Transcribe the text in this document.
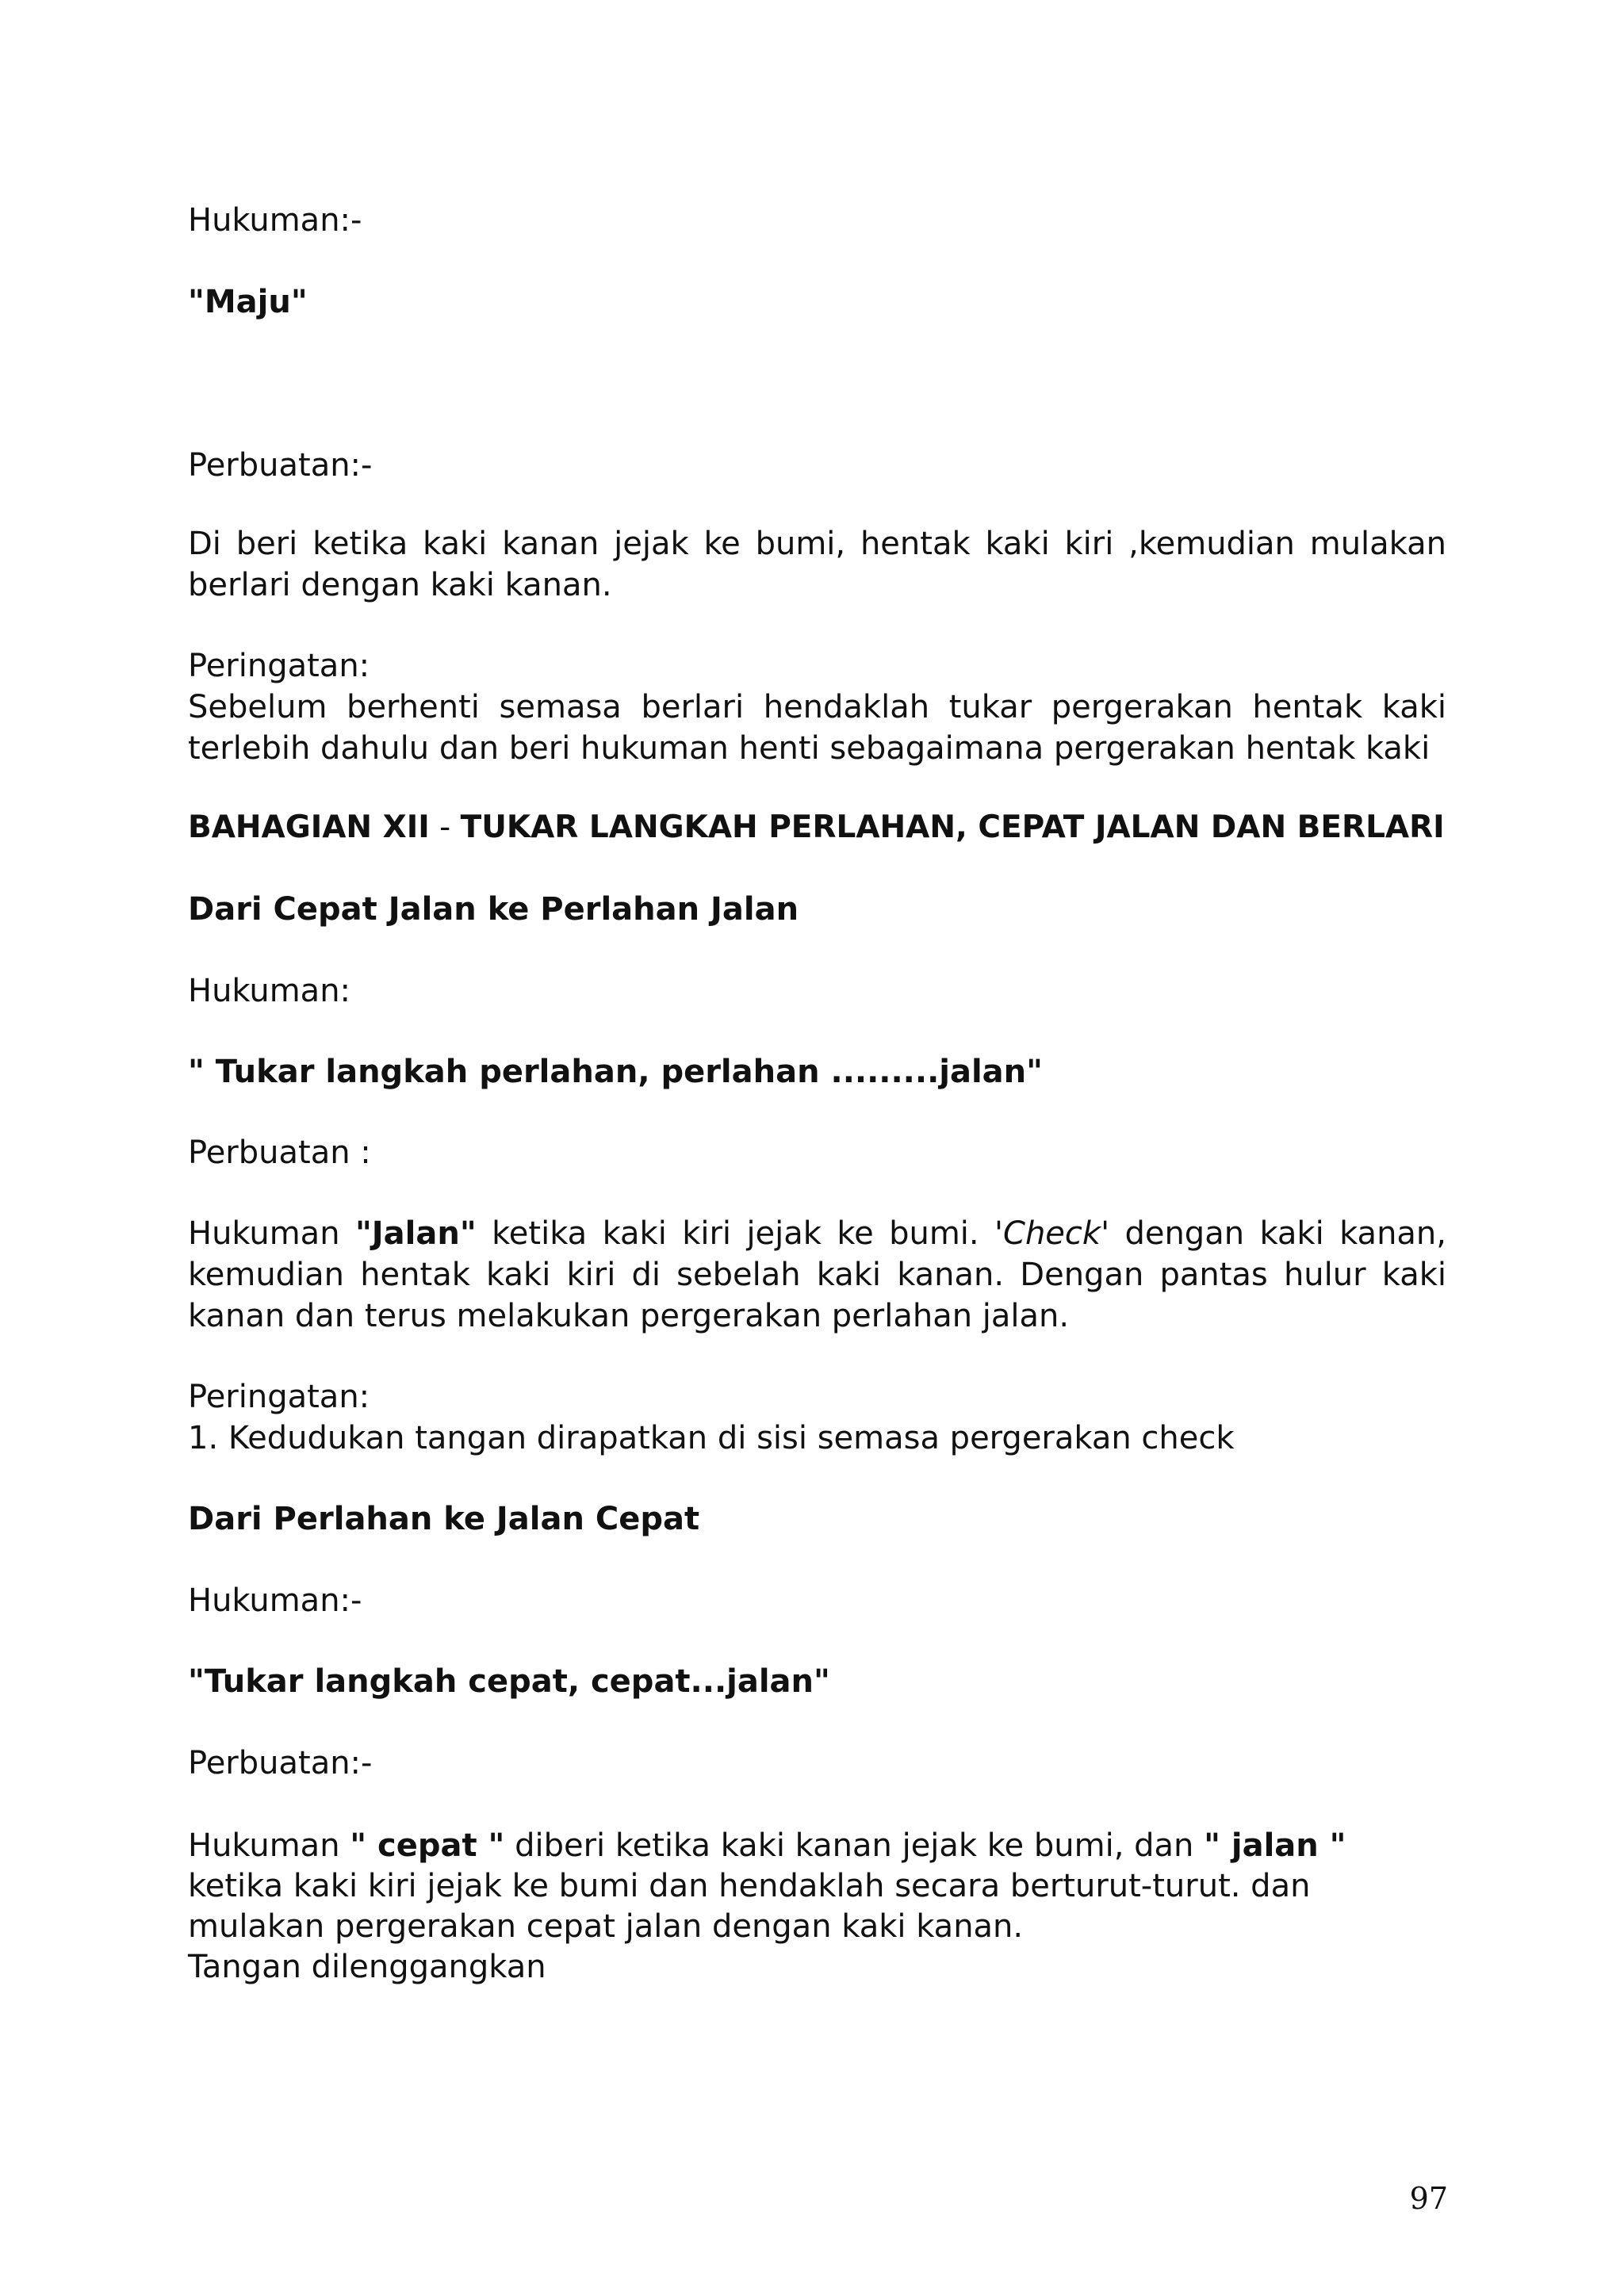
Hukuman:-

"Maju"

Perbuatan:-

Di beri ketika kaki kanan jejak ke bumi, hentak kaki kiri ,kemudian mulakan

berlari dengan kaki kanan.

Peringatan:

Sebelum berhenti semasa berlari hendaklah tukar pergerakan hentak kaki

terlebih dahulu dan beri hukuman henti sebagaimana pergerakan hentak kaki

BAHAGIAN XII - TUKAR LANGKAH PERLAHAN, CEPAT JALAN DAN BERLARI

Dari Cepat Jalan ke Perlahan Jalan

Hukuman:

" Tukar langkah perlahan, perlahan .........jalan"

Perbuatan :

Hukuman "Jalan" ketika kaki kiri jejak ke bumi. 'Check' dengan kaki kanan,

kemudian hentak kaki kiri di sebelah kaki kanan. Dengan pantas hulur kaki

kanan dan terus melakukan pergerakan perlahan jalan.

Peringatan:

1. Kedudukan tangan dirapatkan di sisi semasa pergerakan check

Dari Perlahan ke Jalan Cepat

Hukuman:-

"Tukar langkah cepat, cepat...jalan"

Perbuatan:-

Hukuman " cepat " diberi ketika kaki kanan jejak ke bumi, dan " jalan "

ketika kaki kiri jejak ke bumi dan hendaklah secara berturut-turut. dan

mulakan pergerakan cepat jalan dengan kaki kanan.

Tangan dilenggangkan

97
